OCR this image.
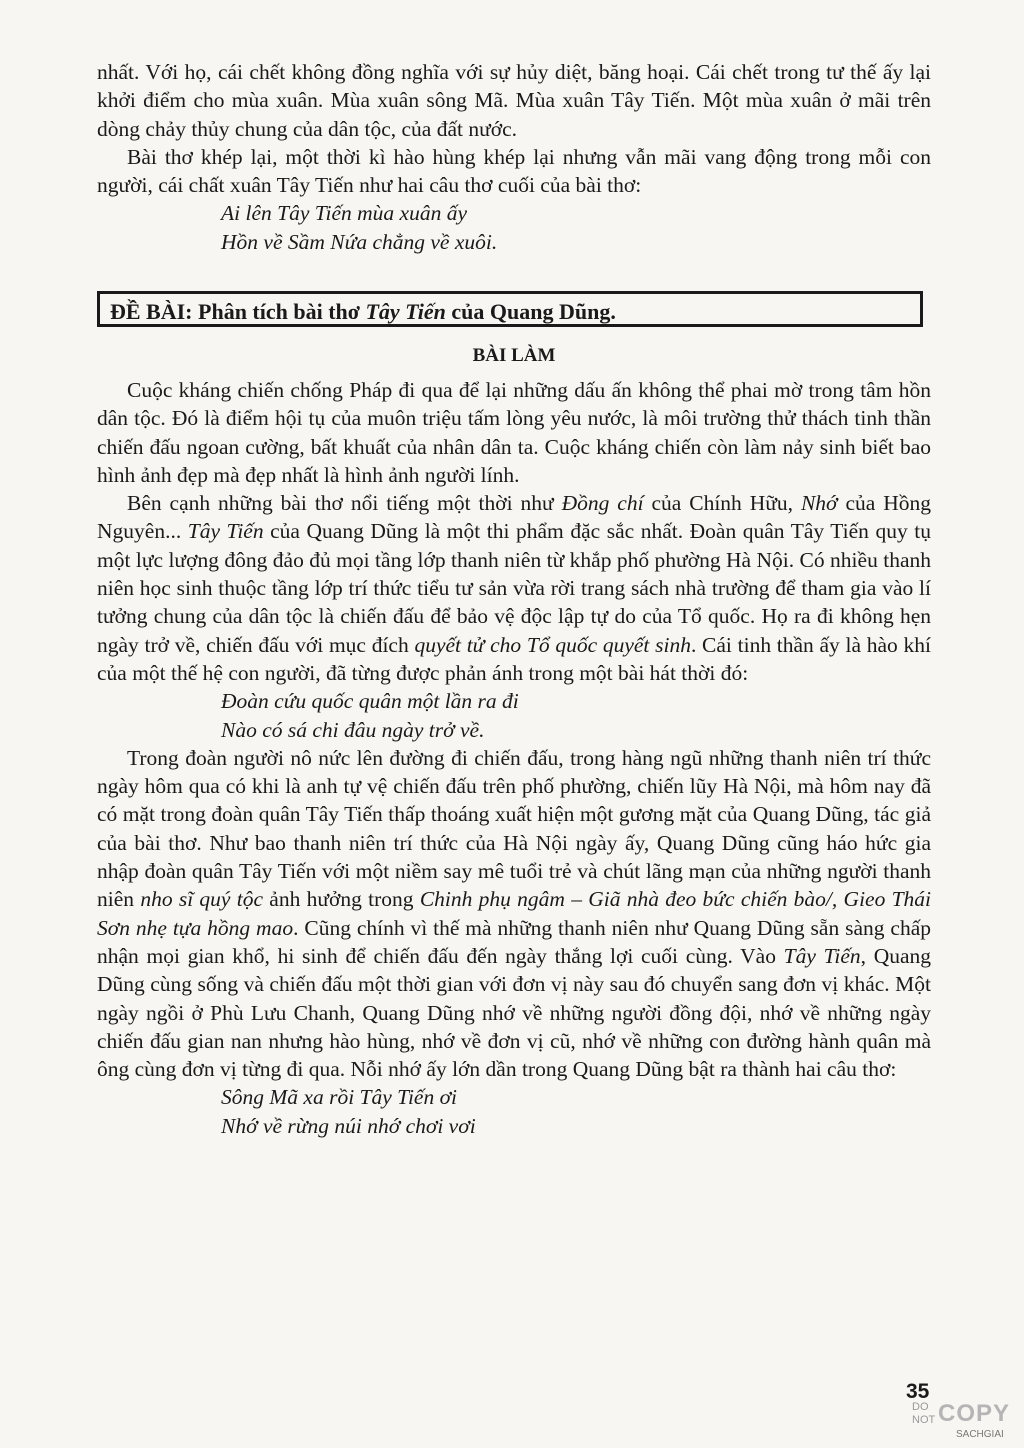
nhất. Với họ, cái chết không đồng nghĩa với sự hủy diệt, băng hoại. Cái chết trong tư thế ấy lại khởi điểm cho mùa xuân. Mùa xuân sông Mã. Mùa xuân Tây Tiến. Một mùa xuân ở mãi trên dòng chảy thủy chung của dân tộc, của đất nước.

Bài thơ khép lại, một thời kì hào hùng khép lại nhưng vẫn mãi vang động trong mỗi con người, cái chất xuân Tây Tiến như hai câu thơ cuối của bài thơ:

Ai lên Tây Tiến mùa xuân ấy

Hồn về Sầm Nứa chẳng về xuôi.

ĐỀ BÀI: Phân tích bài thơ Tây Tiến của Quang Dũng.
BÀI LÀM

Cuộc kháng chiến chống Pháp đi qua để lại những dấu ấn không thể phai mờ trong tâm hồn dân tộc. Đó là điểm hội tụ của muôn triệu tấm lòng yêu nước, là môi trường thử thách tinh thần chiến đấu ngoan cường, bất khuất của nhân dân ta. Cuộc kháng chiến còn làm nảy sinh biết bao hình ảnh đẹp mà đẹp nhất là hình ảnh người lính.

Bên cạnh những bài thơ nổi tiếng một thời như Đồng chí của Chính Hữu, Nhớ của Hồng Nguyên... Tây Tiến của Quang Dũng là một thi phẩm đặc sắc nhất. Đoàn quân Tây Tiến quy tụ một lực lượng đông đảo đủ mọi tầng lớp thanh niên từ khắp phố phường Hà Nội. Có nhiều thanh niên học sinh thuộc tầng lớp trí thức tiểu tư sản vừa rời trang sách nhà trường để tham gia vào lí tưởng chung của dân tộc là chiến đấu để bảo vệ độc lập tự do của Tổ quốc. Họ ra đi không hẹn ngày trở về, chiến đấu với mục đích quyết tử cho Tổ quốc quyết sinh. Cái tinh thần ấy là hào khí của một thế hệ con người, đã từng được phản ánh trong một bài hát thời đó:

Đoàn cứu quốc quân một lần ra đi

Nào có sá chi đâu ngày trở về.

Trong đoàn người nô nức lên đường đi chiến đấu, trong hàng ngũ những thanh niên trí thức ngày hôm qua có khi là anh tự vệ chiến đấu trên phố phường, chiến lũy Hà Nội, mà hôm nay đã có mặt trong đoàn quân Tây Tiến thấp thoáng xuất hiện một gương mặt của Quang Dũng, tác giả của bài thơ. Như bao thanh niên trí thức của Hà Nội ngày ấy, Quang Dũng cũng háo hức gia nhập đoàn quân Tây Tiến với một niềm say mê tuổi trẻ và chút lãng mạn của những người thanh niên nho sĩ quý tộc ảnh hưởng trong Chinh phụ ngâm – Giã nhà đeo bức chiến bào/, Gieo Thái Sơn nhẹ tựa hồng mao. Cũng chính vì thế mà những thanh niên như Quang Dũng sẵn sàng chấp nhận mọi gian khổ, hi sinh để chiến đấu đến ngày thắng lợi cuối cùng. Vào Tây Tiến, Quang Dũng cùng sống và chiến đấu một thời gian với đơn vị này sau đó chuyển sang đơn vị khác. Một ngày ngồi ở Phù Lưu Chanh, Quang Dũng nhớ về những người đồng đội, nhớ về những ngày chiến đấu gian nan nhưng hào hùng, nhớ về đơn vị cũ, nhớ về những con đường hành quân mà ông cùng đơn vị từng đi qua. Nỗi nhớ ấy lớn dần trong Quang Dũng bật ra thành hai câu thơ:

Sông Mã xa rồi Tây Tiến ơi

Nhớ về rừng núi nhớ chơi vơi

35
DO
NOT COPY
SACHGIAI
